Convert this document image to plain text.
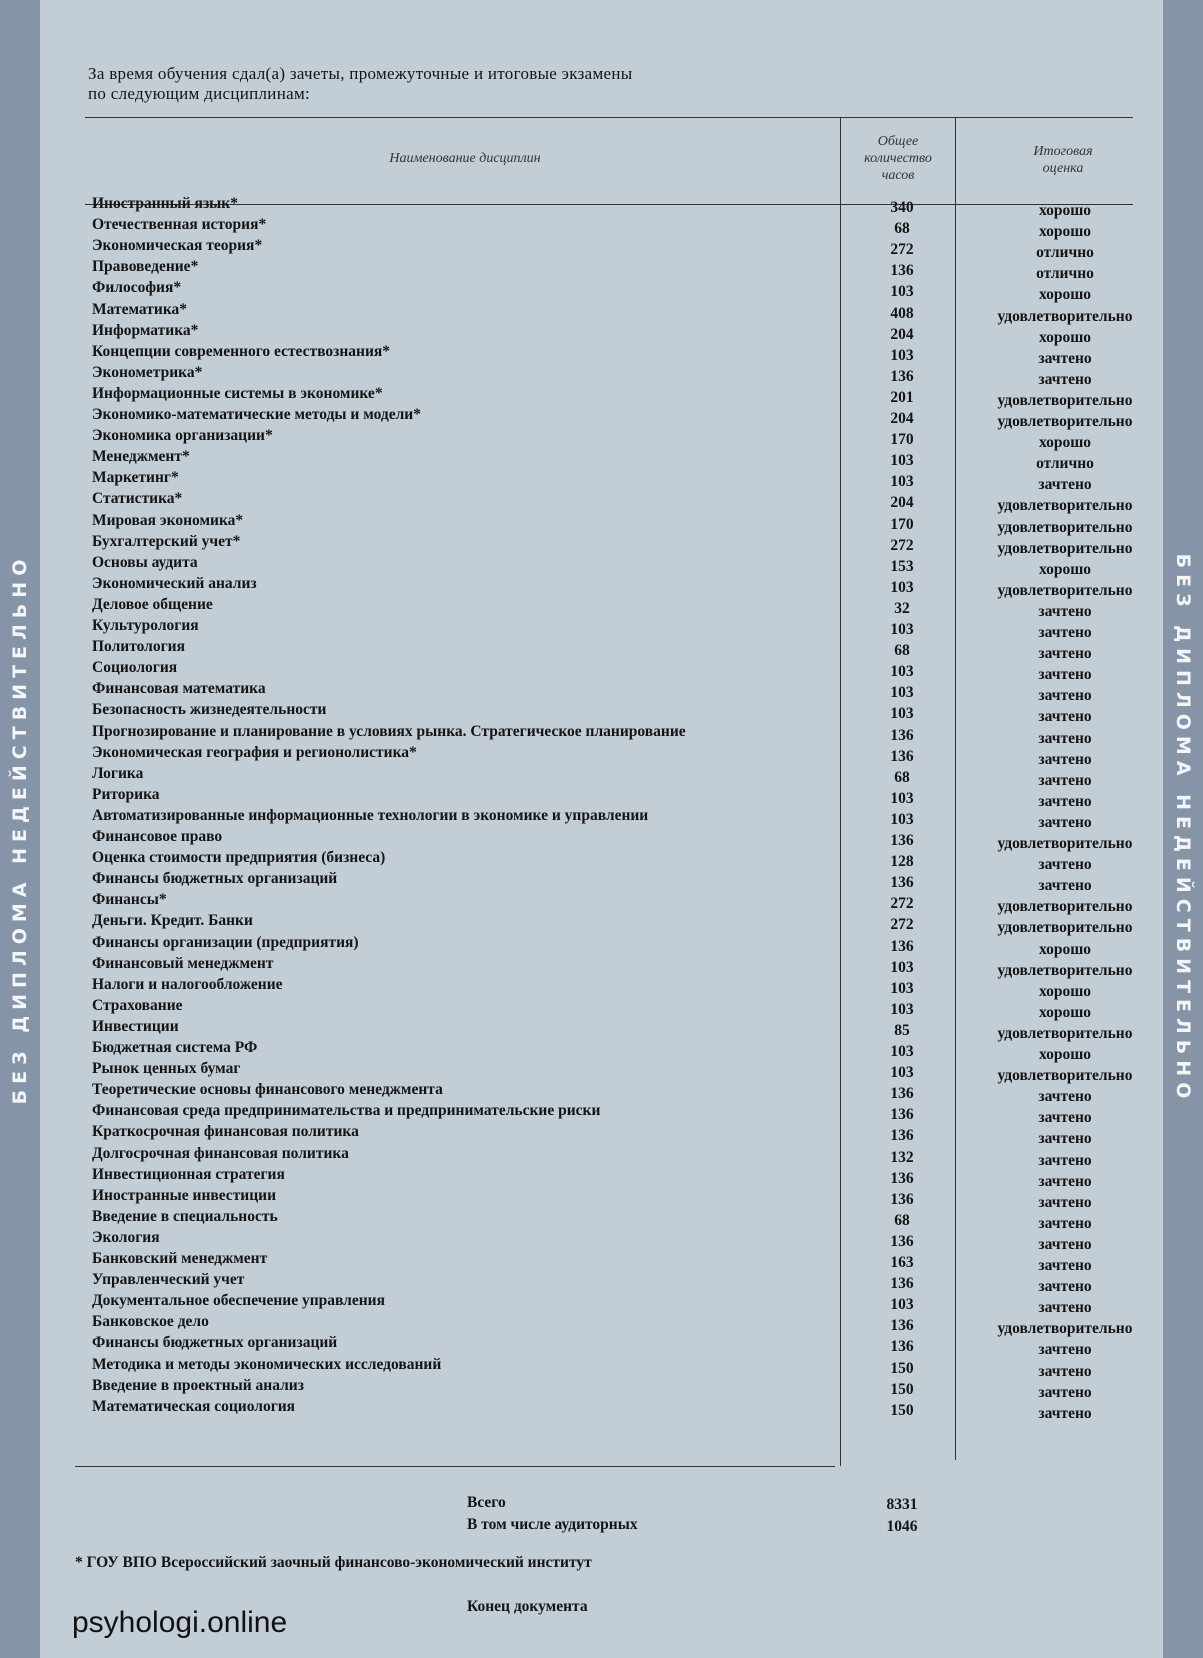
БЕЗ ДИПЛОМА НЕДЕЙСТВИТЕЛЬНО	БЕЗ ДИПЛОМА НЕДЕЙСТВИТЕЛЬНО
За время обучения сдал(а) зачеты, промежуточные и итоговые экзамены
по следующим дисциплинам:
Наименование дисциплин
Общее
количество
часов
Итоговая
оценка
Иностранный язык*	340	хорошо
Отечественная история*	68	хорошо
Экономическая теория*	272	отлично
Правоведение*	136	отлично
Философия*	103	хорошо
Математика*	408	удовлетворительно
Информатика*	204	хорошо
Концепции современного естествознания*	103	зачтено
Эконометрика*	136	зачтено
Информационные системы в экономике*	201	удовлетворительно
Экономико-математические методы и модели*	204	удовлетворительно
Экономика организации*	170	хорошо
Менеджмент*	103	отлично
Маркетинг*	103	зачтено
Статистика*	204	удовлетворительно
Мировая экономика*	170	удовлетворительно
Бухгалтерский учет*	272	удовлетворительно
Основы аудита	153	хорошо
Экономический анализ	103	удовлетворительно
Деловое общение	32	зачтено
Культурология	103	зачтено
Политология	68	зачтено
Социология	103	зачтено
Финансовая математика	103	зачтено
Безопасность жизнедеятельности	103	зачтено
Прогнозирование и планирование в условиях рынка. Стратегическое планирование	136	зачтено
Экономическая география и регионолистика*	136	зачтено
Логика	68	зачтено
Риторика	103	зачтено
Автоматизированные информационные технологии в экономике и управлении	103	зачтено
Финансовое право	136	удовлетворительно
Оценка стоимости предприятия (бизнеса)	128	зачтено
Финансы бюджетных организаций	136	зачтено
Финансы*	272	удовлетворительно
Деньги. Кредит. Банки	272	удовлетворительно
Финансы организации (предприятия)	136	хорошо
Финансовый менеджмент	103	удовлетворительно
Налоги и налогообложение	103	хорошо
Страхование	103	хорошо
Инвестиции	85	удовлетворительно
Бюджетная система РФ	103	хорошо
Рынок ценных бумаг	103	удовлетворительно
Теоретические основы финансового менеджмента	136	зачтено
Финансовая среда предпринимательства и предпринимательские риски	136	зачтено
Краткосрочная финансовая политика	136	зачтено
Долгосрочная финансовая политика	132	зачтено
Инвестиционная стратегия	136	зачтено
Иностранные инвестиции	136	зачтено
Введение в специальность	68	зачтено
Экология	136	зачтено
Банковский менеджмент	163	зачтено
Управленческий учет	136	зачтено
Документальное обеспечение управления	103	зачтено
Банковское дело	136	удовлетворительно
Финансы бюджетных организаций	136	зачтено
Методика и методы экономических исследований	150	зачтено
Введение в проектный анализ	150	зачтено
Математическая социология	150	зачтено
Всего	8331
В том числе аудиторных	1046
* ГОУ ВПО Всероссийский заочный финансово-экономический институт
Конец документа
psyhologi.online
